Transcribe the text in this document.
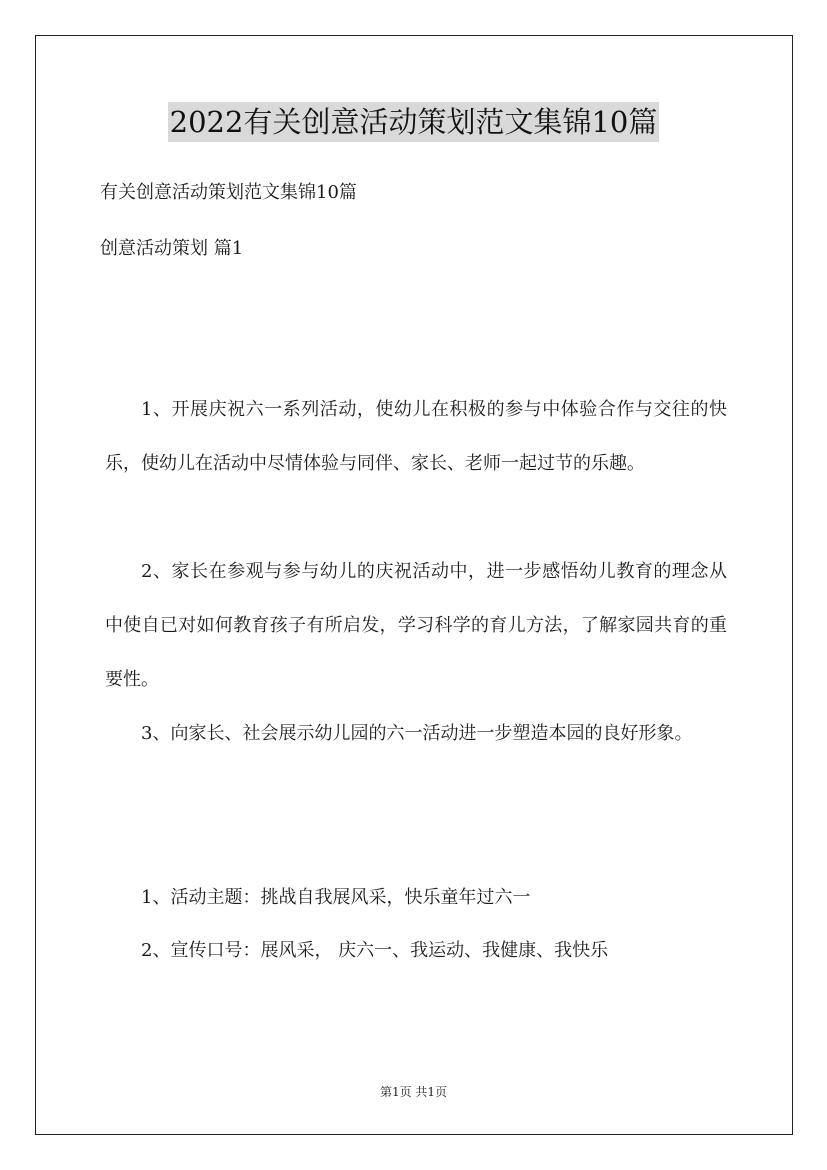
2022有关创意活动策划范文集锦10篇
有关创意活动策划范文集锦10篇
创意活动策划 篇1

1、开展庆祝六一系列活动，使幼儿在积极的参与中体验合作与交往的快乐，使幼儿在活动中尽情体验与同伴、家长、老师一起过节的乐趣。

2、家长在参观与参与幼儿的庆祝活动中，进一步感悟幼儿教育的理念从中使自已对如何教育孩子有所启发，学习科学的育儿方法，了解家园共育的重要性。

3、向家长、社会展示幼儿园的六一活动进一步塑造本园的良好形象。

1、活动主题：挑战自我展风采，快乐童年过六一
2、宣传口号：展风采， 庆六一、我运动、我健康、我快乐
第1页 共1页
